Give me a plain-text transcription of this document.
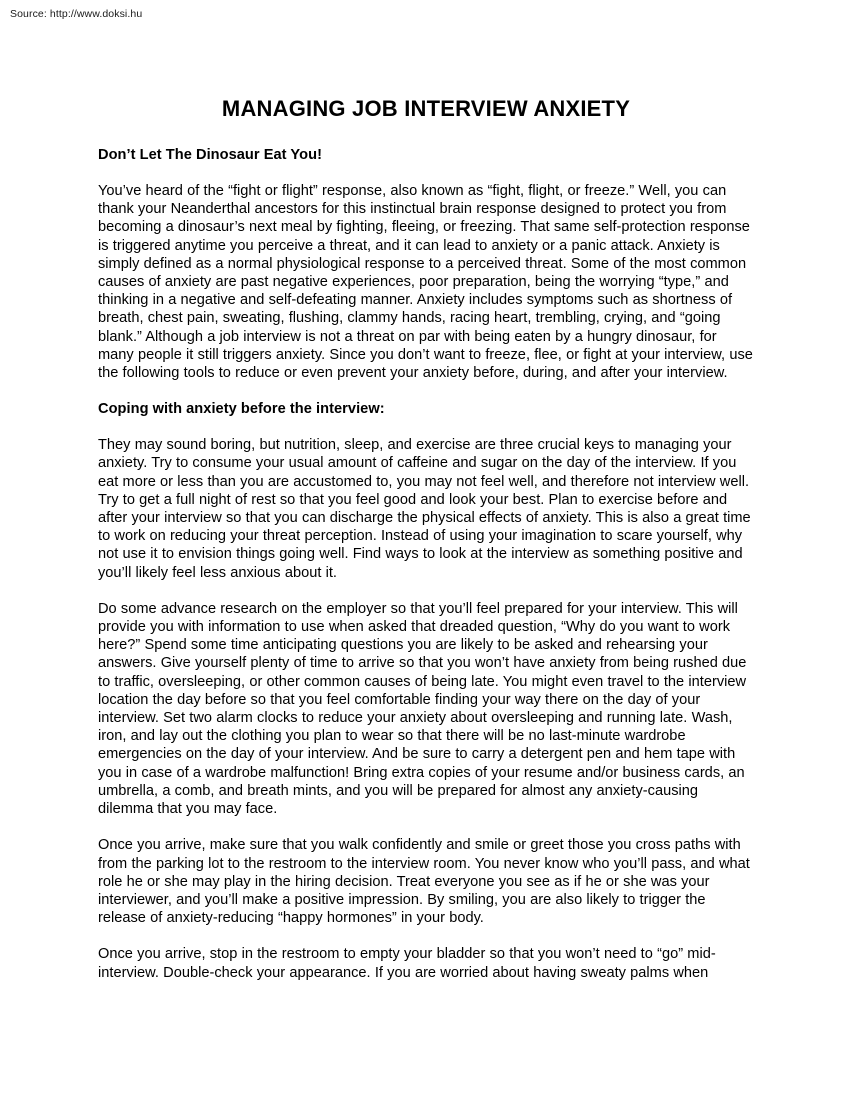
Source: http://www.doksi.hu
MANAGING JOB INTERVIEW ANXIETY
Don’t Let The Dinosaur Eat You!

You’ve heard of the “fight or flight” response, also known as “fight, flight, or freeze.” Well, you can thank your Neanderthal ancestors for this instinctual brain response designed to protect you from becoming a dinosaur’s next meal by fighting, fleeing, or freezing. That same self-protection response is triggered anytime you perceive a threat, and it can lead to anxiety or a panic attack. Anxiety is simply defined as a normal physiological response to a perceived threat. Some of the most common causes of anxiety are past negative experiences, poor preparation, being the worrying “type,” and thinking in a negative and self-defeating manner. Anxiety includes symptoms such as shortness of breath, chest pain, sweating, flushing, clammy hands, racing heart, trembling, crying, and “going blank.” Although a job interview is not a threat on par with being eaten by a hungry dinosaur, for many people it still triggers anxiety. Since you don’t want to freeze, flee, or fight at your interview, use the following tools to reduce or even prevent your anxiety before, during, and after your interview.

Coping with anxiety before the interview:

They may sound boring, but nutrition, sleep, and exercise are three crucial keys to managing your anxiety. Try to consume your usual amount of caffeine and sugar on the day of the interview. If you eat more or less than you are accustomed to, you may not feel well, and therefore not interview well. Try to get a full night of rest so that you feel good and look your best. Plan to exercise before and after your interview so that you can discharge the physical effects of anxiety. This is also a great time to work on reducing your threat perception. Instead of using your imagination to scare yourself, why not use it to envision things going well. Find ways to look at the interview as something positive and you’ll likely feel less anxious about it.

Do some advance research on the employer so that you’ll feel prepared for your interview. This will provide you with information to use when asked that dreaded question, “Why do you want to work here?” Spend some time anticipating questions you are likely to be asked and rehearsing your answers. Give yourself plenty of time to arrive so that you won’t have anxiety from being rushed due to traffic, oversleeping, or other common causes of being late. You might even travel to the interview location the day before so that you feel comfortable finding your way there on the day of your interview. Set two alarm clocks to reduce your anxiety about oversleeping and running late. Wash, iron, and lay out the clothing you plan to wear so that there will be no last-minute wardrobe emergencies on the day of your interview. And be sure to carry a detergent pen and hem tape with you in case of a wardrobe malfunction! Bring extra copies of your resume and/or business cards, an umbrella, a comb, and breath mints, and you will be prepared for almost any anxiety-causing dilemma that you may face.

Once you arrive, make sure that you walk confidently and smile or greet those you cross paths with from the parking lot to the restroom to the interview room. You never know who you’ll pass, and what role he or she may play in the hiring decision. Treat everyone you see as if he or she was your interviewer, and you’ll make a positive impression. By smiling, you are also likely to trigger the release of anxiety-reducing “happy hormones” in your body.

Once you arrive, stop in the restroom to empty your bladder so that you won’t need to “go” mid-interview. Double-check your appearance. If you are worried about having sweaty palms when
